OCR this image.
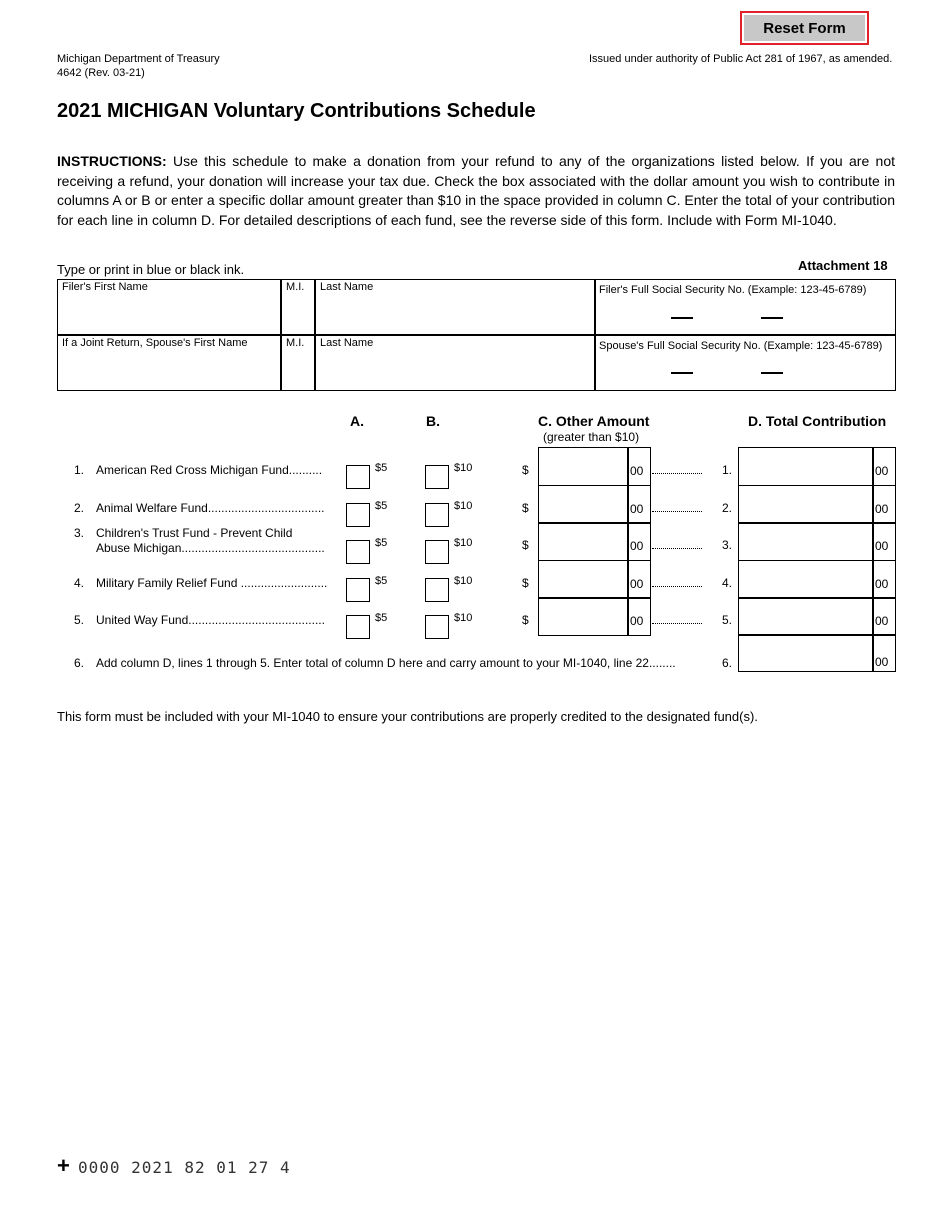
Reset Form
Michigan Department of Treasury
4642 (Rev. 03-21)
Issued under authority of Public Act 281 of 1967, as amended.
2021 MICHIGAN Voluntary Contributions Schedule
INSTRUCTIONS: Use this schedule to make a donation from your refund to any of the organizations listed below. If you are not receiving a refund, your donation will increase your tax due. Check the box associated with the dollar amount you wish to contribute in columns A or B or enter a specific dollar amount greater than $10 in the space provided in column C. Enter the total of your contribution for each line in column D. For detailed descriptions of each fund, see the reverse side of this form. Include with Form MI-1040.
Type or print in blue or black ink.	Attachment 18
Filer's First Name	M.I. Last Name	Filer's Full Social Security No. (Example: 123-45-6789)
If a Joint Return, Spouse's First Name	M.I. Last Name	Spouse's Full Social Security No. (Example: 123-45-6789)
A.	B.	C. Other Amount
(greater than $10)
D. Total Contribution
1. American Red Cross Michigan Fund..........	$5	$10	$	00	1.	00
2. Animal Welfare Fund...................................	$5	$10	$	00	2.	00
3. Children's Trust Fund - Prevent Child
Abuse Michigan...........................................	$5	$10	$	00	3.	00
4. Military Family Relief Fund ..........................	$5	$10	$	00	4.	00
5. United Way Fund.........................................	$5	$10	$	00	5.	00
6. Add column D, lines 1 through 5. Enter total of column D here and carry amount to your MI-1040, line 22........	6.	00
This form must be included with your MI-1040 to ensure your contributions are properly credited to the designated fund(s).
+ 0000 2021 82 01 27 4
